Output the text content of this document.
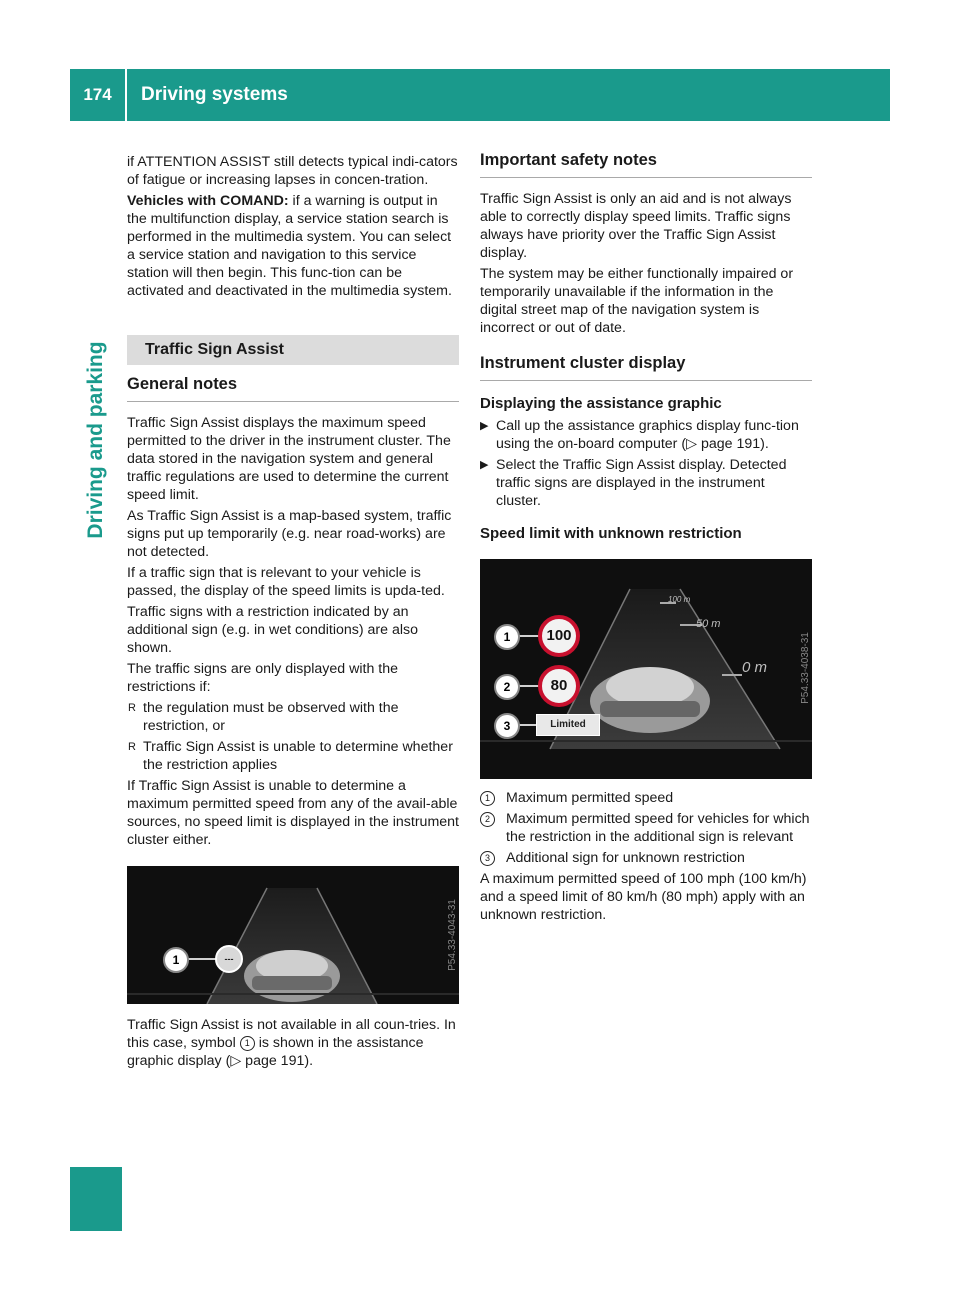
174	Driving systems
Driving and parking

if ATTENTION ASSIST still detects typical indi-cators of fatigue or increasing lapses in concen-tration.

Vehicles with COMAND: if a warning is output in the multifunction display, a service station search is performed in the multimedia system. You can select a service station and navigation to this service station will then begin. This func-tion can be activated and deactivated in the multimedia system.

Traffic Sign Assist
General notes

Traffic Sign Assist displays the maximum speed permitted to the driver in the instrument cluster. The data stored in the navigation system and general traffic regulations are used to determine the current speed limit.

As Traffic Sign Assist is a map-based system, traffic signs put up temporarily (e.g. near road-works) are not detected.

If a traffic sign that is relevant to your vehicle is passed, the display of the speed limits is upda-ted.

Traffic signs with a restriction indicated by an additional sign (e.g. in wet conditions) are also shown.

The traffic signs are only displayed with the restrictions if:

R the regulation must be observed with the restriction, or
R Traffic Sign Assist is unable to determine whether the restriction applies

If Traffic Sign Assist is unable to determine a maximum permitted speed from any of the avail-able sources, no speed limit is displayed in the instrument cluster either.

1	---	P54.33-4043-31

Traffic Sign Assist is not available in all coun-tries. In this case, symbol 1 is shown in the assistance graphic display (▷ page 191).

Important safety notes

Traffic Sign Assist is only an aid and is not always able to correctly display speed limits. Traffic signs always have priority over the Traffic Sign Assist display.

The system may be either functionally impaired or temporarily unavailable if the information in the digital street map of the navigation system is incorrect or out of date.

Instrument cluster display
Displaying the assistance graphic
▶ Call up the assistance graphics display func-tion using the on-board computer (▷ page 191).
▶ Select the Traffic Sign Assist display. Detected traffic signs are displayed in the instrument cluster.
Speed limit with unknown restriction
100 m
50 m
0 m
1	100
2	80
3	Limited
P54.33-4038-31
1	Maximum permitted speed
2	Maximum permitted speed for vehicles for which the restriction in the additional sign is relevant
3	Additional sign for unknown restriction

A maximum permitted speed of 100 mph (100 km/h) and a speed limit of 80 km/h (80 mph) apply with an unknown restriction.
